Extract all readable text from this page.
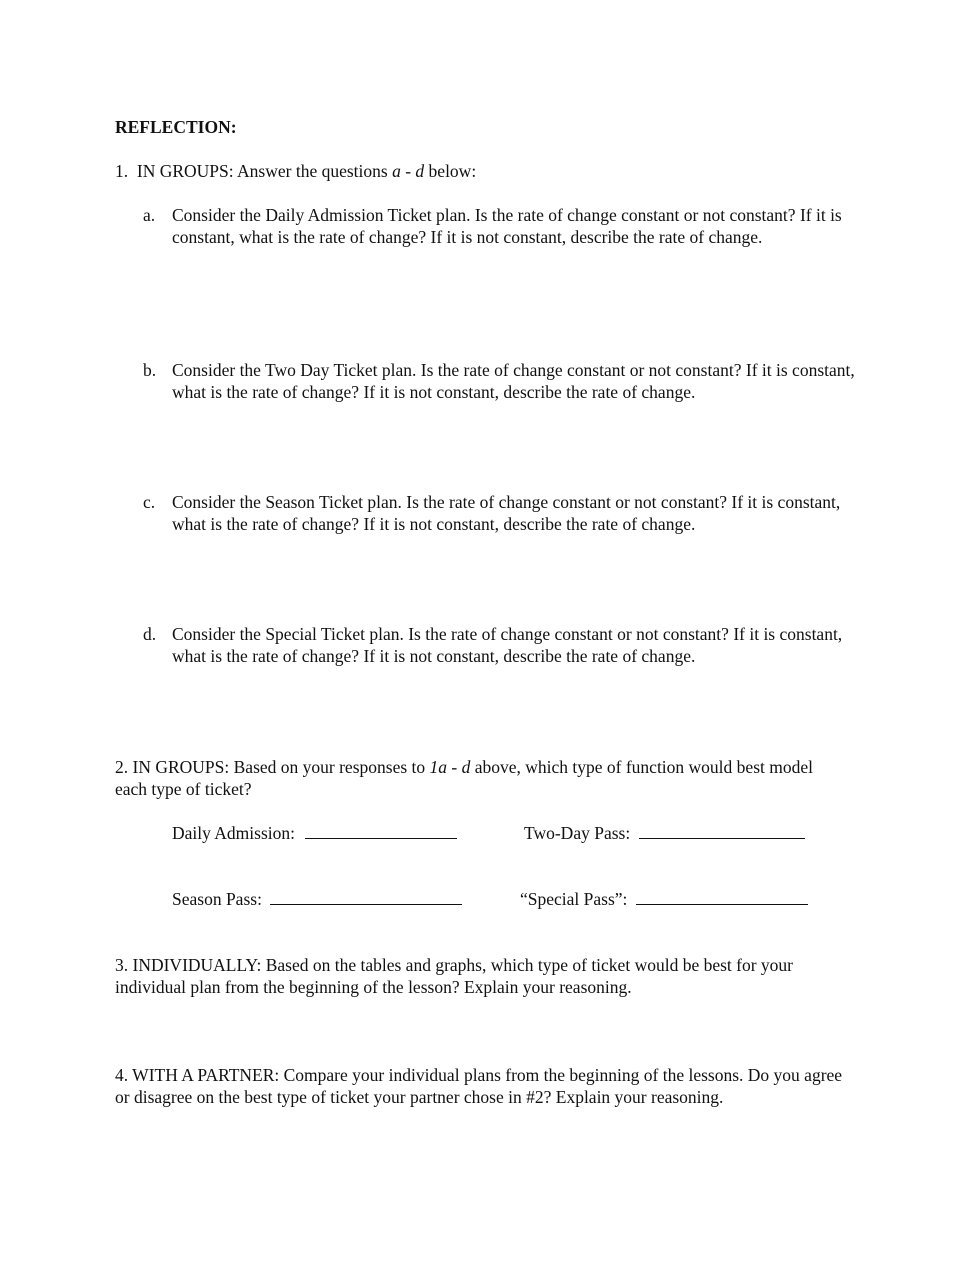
REFLECTION:
1. IN GROUPS: Answer the questions a - d below:
a. Consider the Daily Admission Ticket plan. Is the rate of change constant or not constant? If it is constant, what is the rate of change? If it is not constant, describe the rate of change.
b. Consider the Two Day Ticket plan. Is the rate of change constant or not constant? If it is constant, what is the rate of change? If it is not constant, describe the rate of change.
c. Consider the Season Ticket plan. Is the rate of change constant or not constant? If it is constant, what is the rate of change? If it is not constant, describe the rate of change.
d. Consider the Special Ticket plan. Is the rate of change constant or not constant? If it is constant, what is the rate of change? If it is not constant, describe the rate of change.
2. IN GROUPS: Based on your responses to 1a - d above, which type of function would best model each type of ticket?
Daily Admission:	Two-Day Pass:
Season Pass:	“Special Pass”:
3. INDIVIDUALLY: Based on the tables and graphs, which type of ticket would be best for your individual plan from the beginning of the lesson? Explain your reasoning.
4. WITH A PARTNER: Compare your individual plans from the beginning of the lessons. Do you agree or disagree on the best type of ticket your partner chose in #2? Explain your reasoning.
